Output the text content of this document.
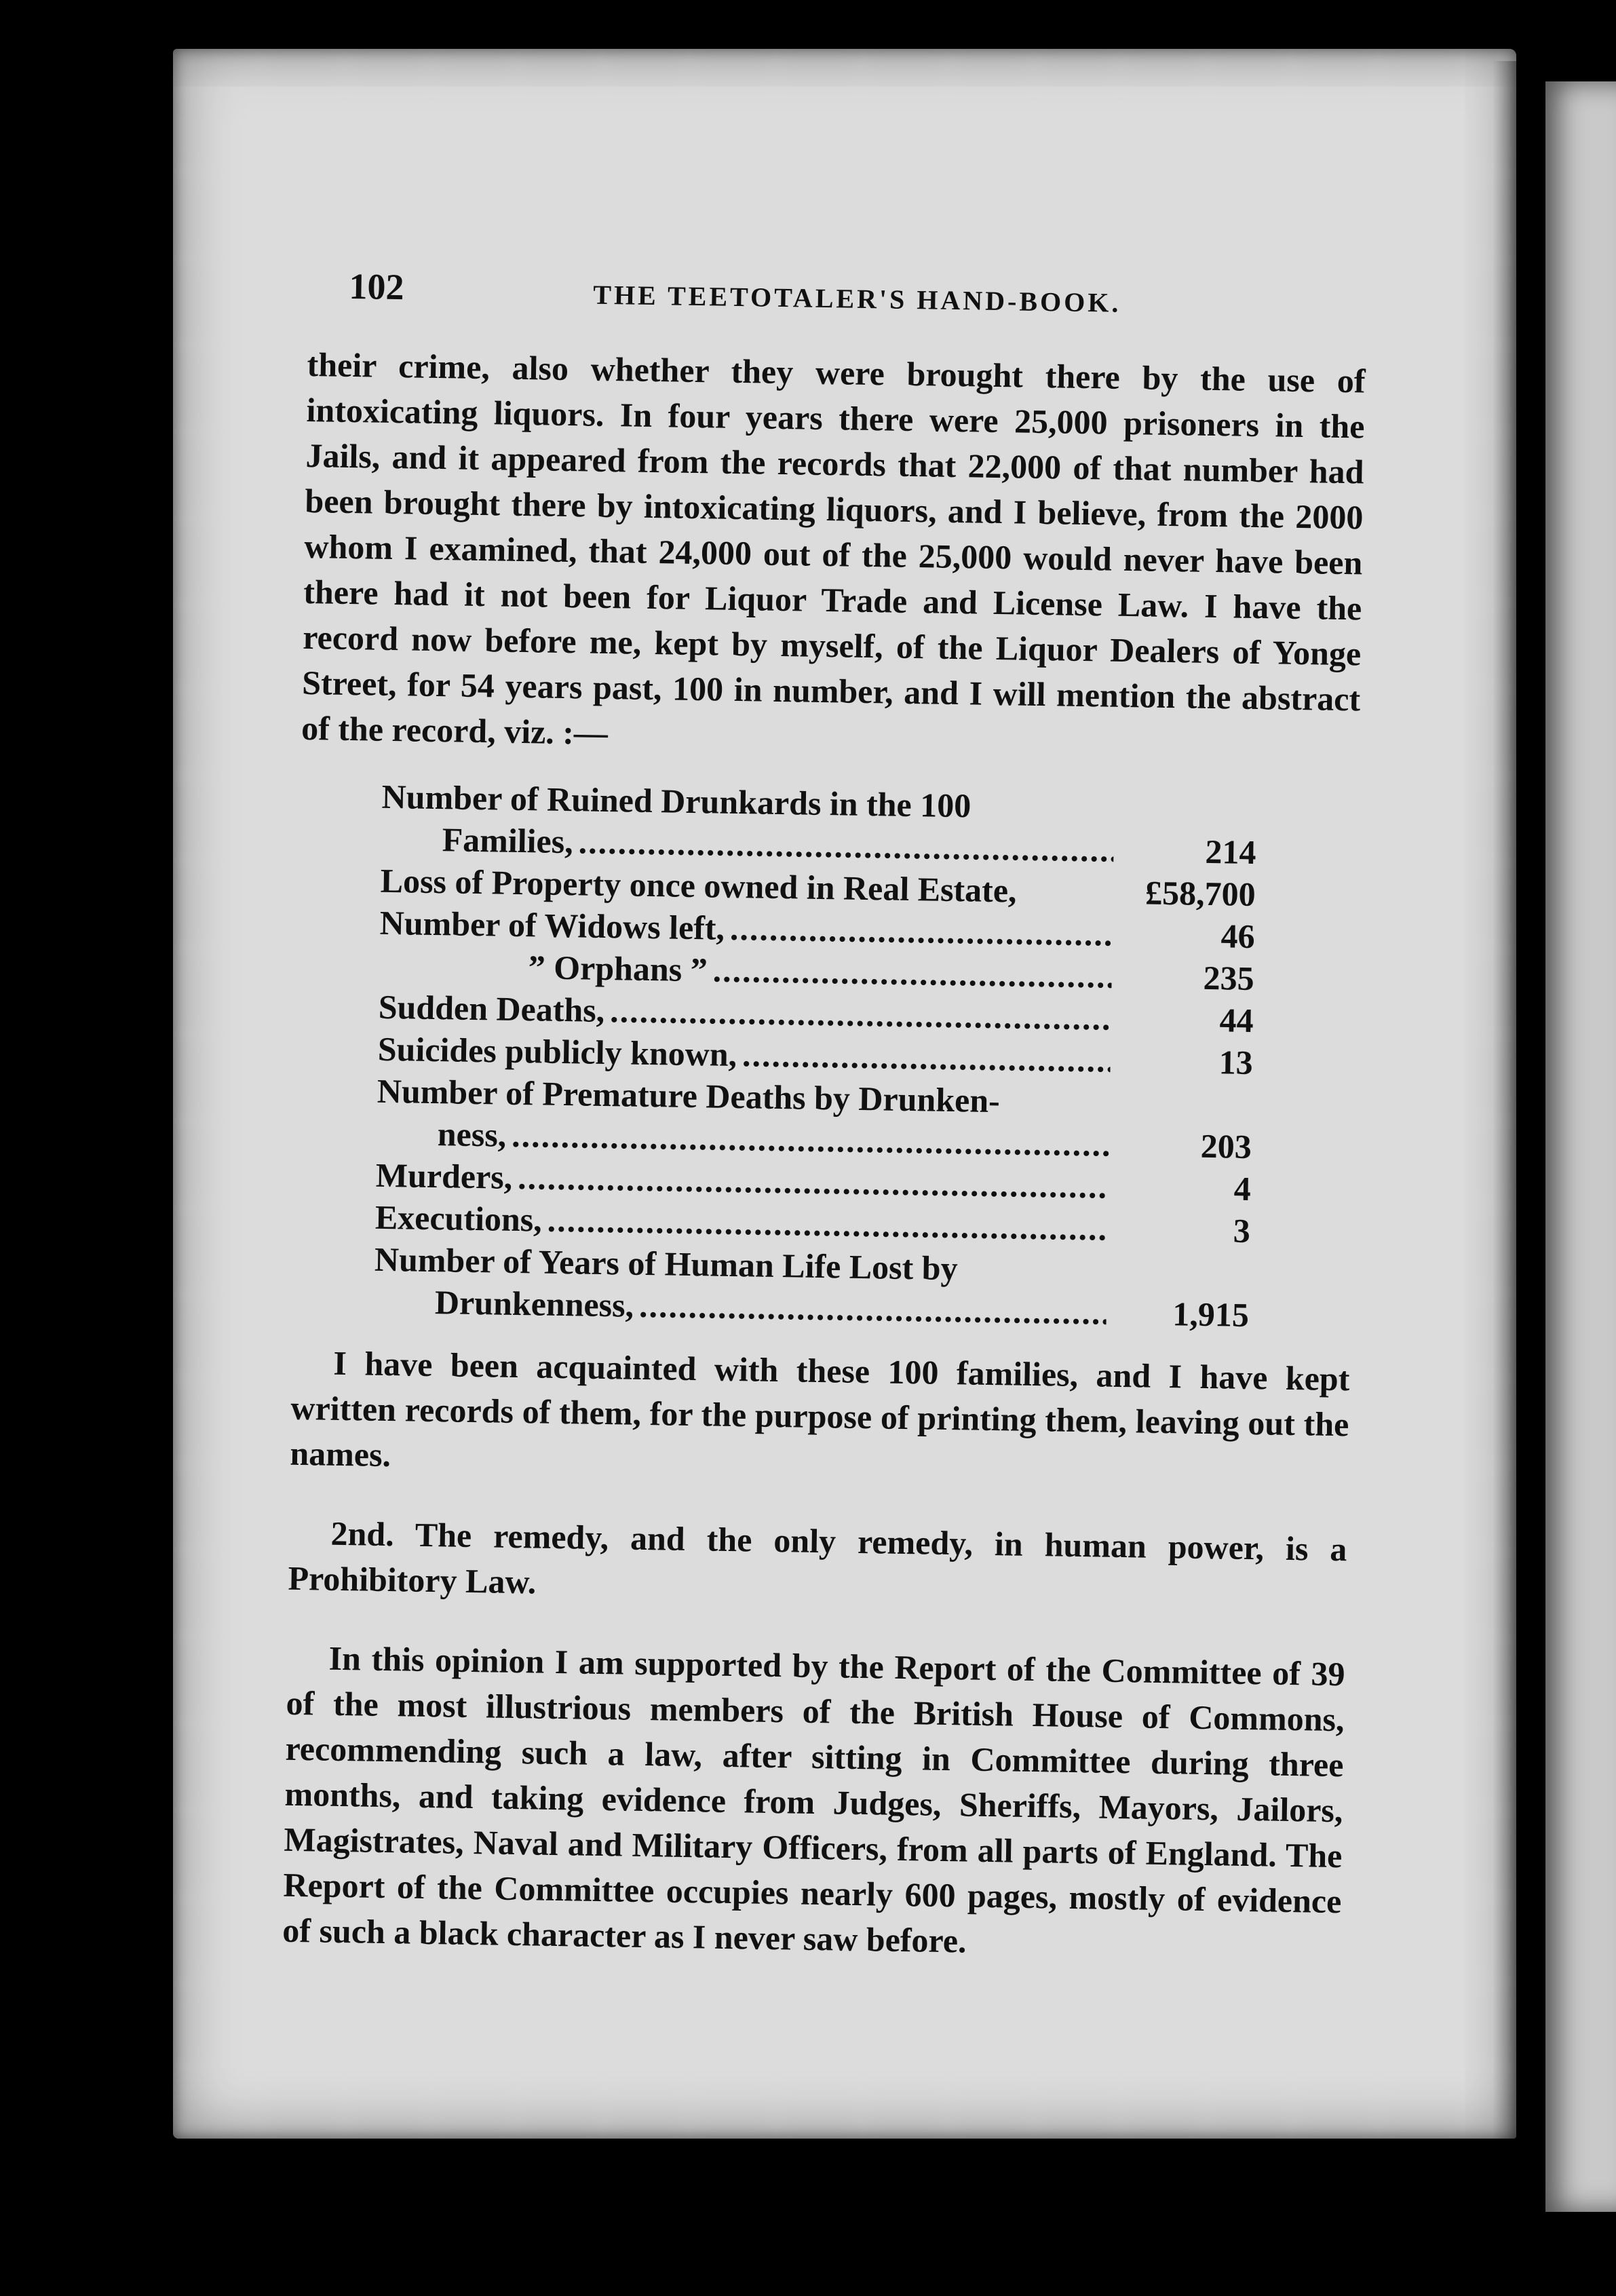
102	THE TEETOTALER'S HAND-BOOK.

their crime, also whether they were brought there by the use of intoxicating liquors. In four years there were 25,000 prisoners in the Jails, and it appeared from the records that 22,000 of that number had been brought there by intoxicating liquors, and I believe, from the 2000 whom I examined, that 24,000 out of the 25,000 would never have been there had it not been for Liquor Trade and License Law. I have the record now before me, kept by myself, of the Liquor Dealers of Yonge Street, for 54 years past, 100 in number, and I will mention the abstract of the record, viz. :—

Number of Ruined Drunkards in the 100
Families, .....	214
Loss of Property once owned in Real Estate,	£58,700
Number of Widows left, .....	46
” Orphans ” .....	235
Sudden Deaths, .....	44
Suicides publicly known, .....	13
Number of Premature Deaths by Drunken-
ness, .....	203
Murders, .....	4
Executions, .....	3
Number of Years of Human Life Lost by
Drunkenness, .....	1,915

I have been acquainted with these 100 families, and I have kept written records of them, for the purpose of printing them, leaving out the names.

2nd. The remedy, and the only remedy, in human power, is a Prohibitory Law.

In this opinion I am supported by the Report of the Committee of 39 of the most illustrious members of the British House of Commons, recommending such a law, after sitting in Committee during three months, and taking evidence from Judges, Sheriffs, Mayors, Jailors, Magistrates, Naval and Military Officers, from all parts of England. The Report of the Committee occupies nearly 600 pages, mostly of evidence of such a black character as I never saw before.
